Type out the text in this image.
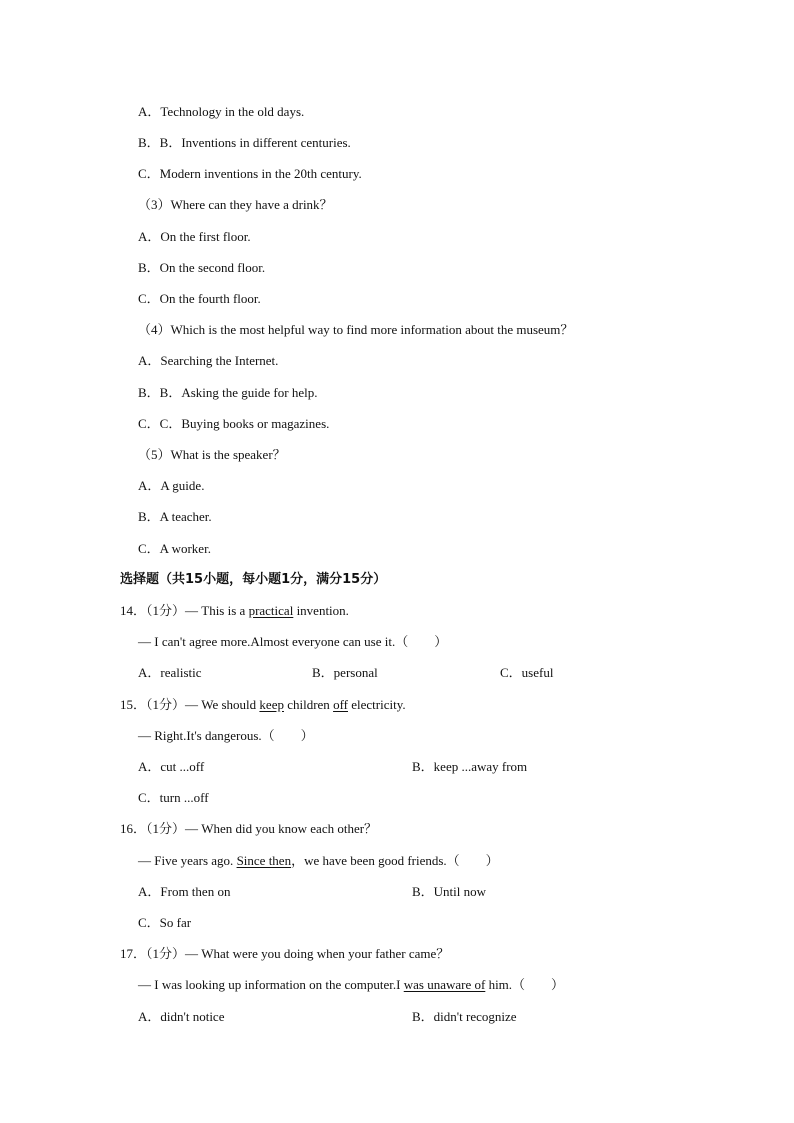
A．Technology in the old days.
B．B．Inventions in different centuries.
C．Modern inventions in the 20th century.
（3）Where can they have a drink？
A．On the first floor.
B．On the second floor.
C．On the fourth floor.
（4）Which is the most helpful way to find more information about the museum？
A．Searching the Internet.
B．B．Asking the guide for help.
C．C．Buying books or magazines.
（5）What is the speaker？
A．A guide.
B．A teacher.
C．A worker.
选择题（共15小题，每小题1分，满分15分）
14．（1分）— This is a practical invention.
— I can't agree more.Almost everyone can use it.（　　）
A．realistic	B．personal	C．useful
15．（1分）— We should keep children off electricity.
— Right.It's dangerous.（　　）
A．cut ...off	B．keep ...away from
C．turn ...off
16．（1分）— When did you know each other？
— Five years ago. Since then，we have been good friends.（　　）
A．From then on	B．Until now
C．So far
17．（1分）— What were you doing when your father came？
— I was looking up information on the computer.I was unaware of him.（　　）
A．didn't notice	B．didn't recognize
